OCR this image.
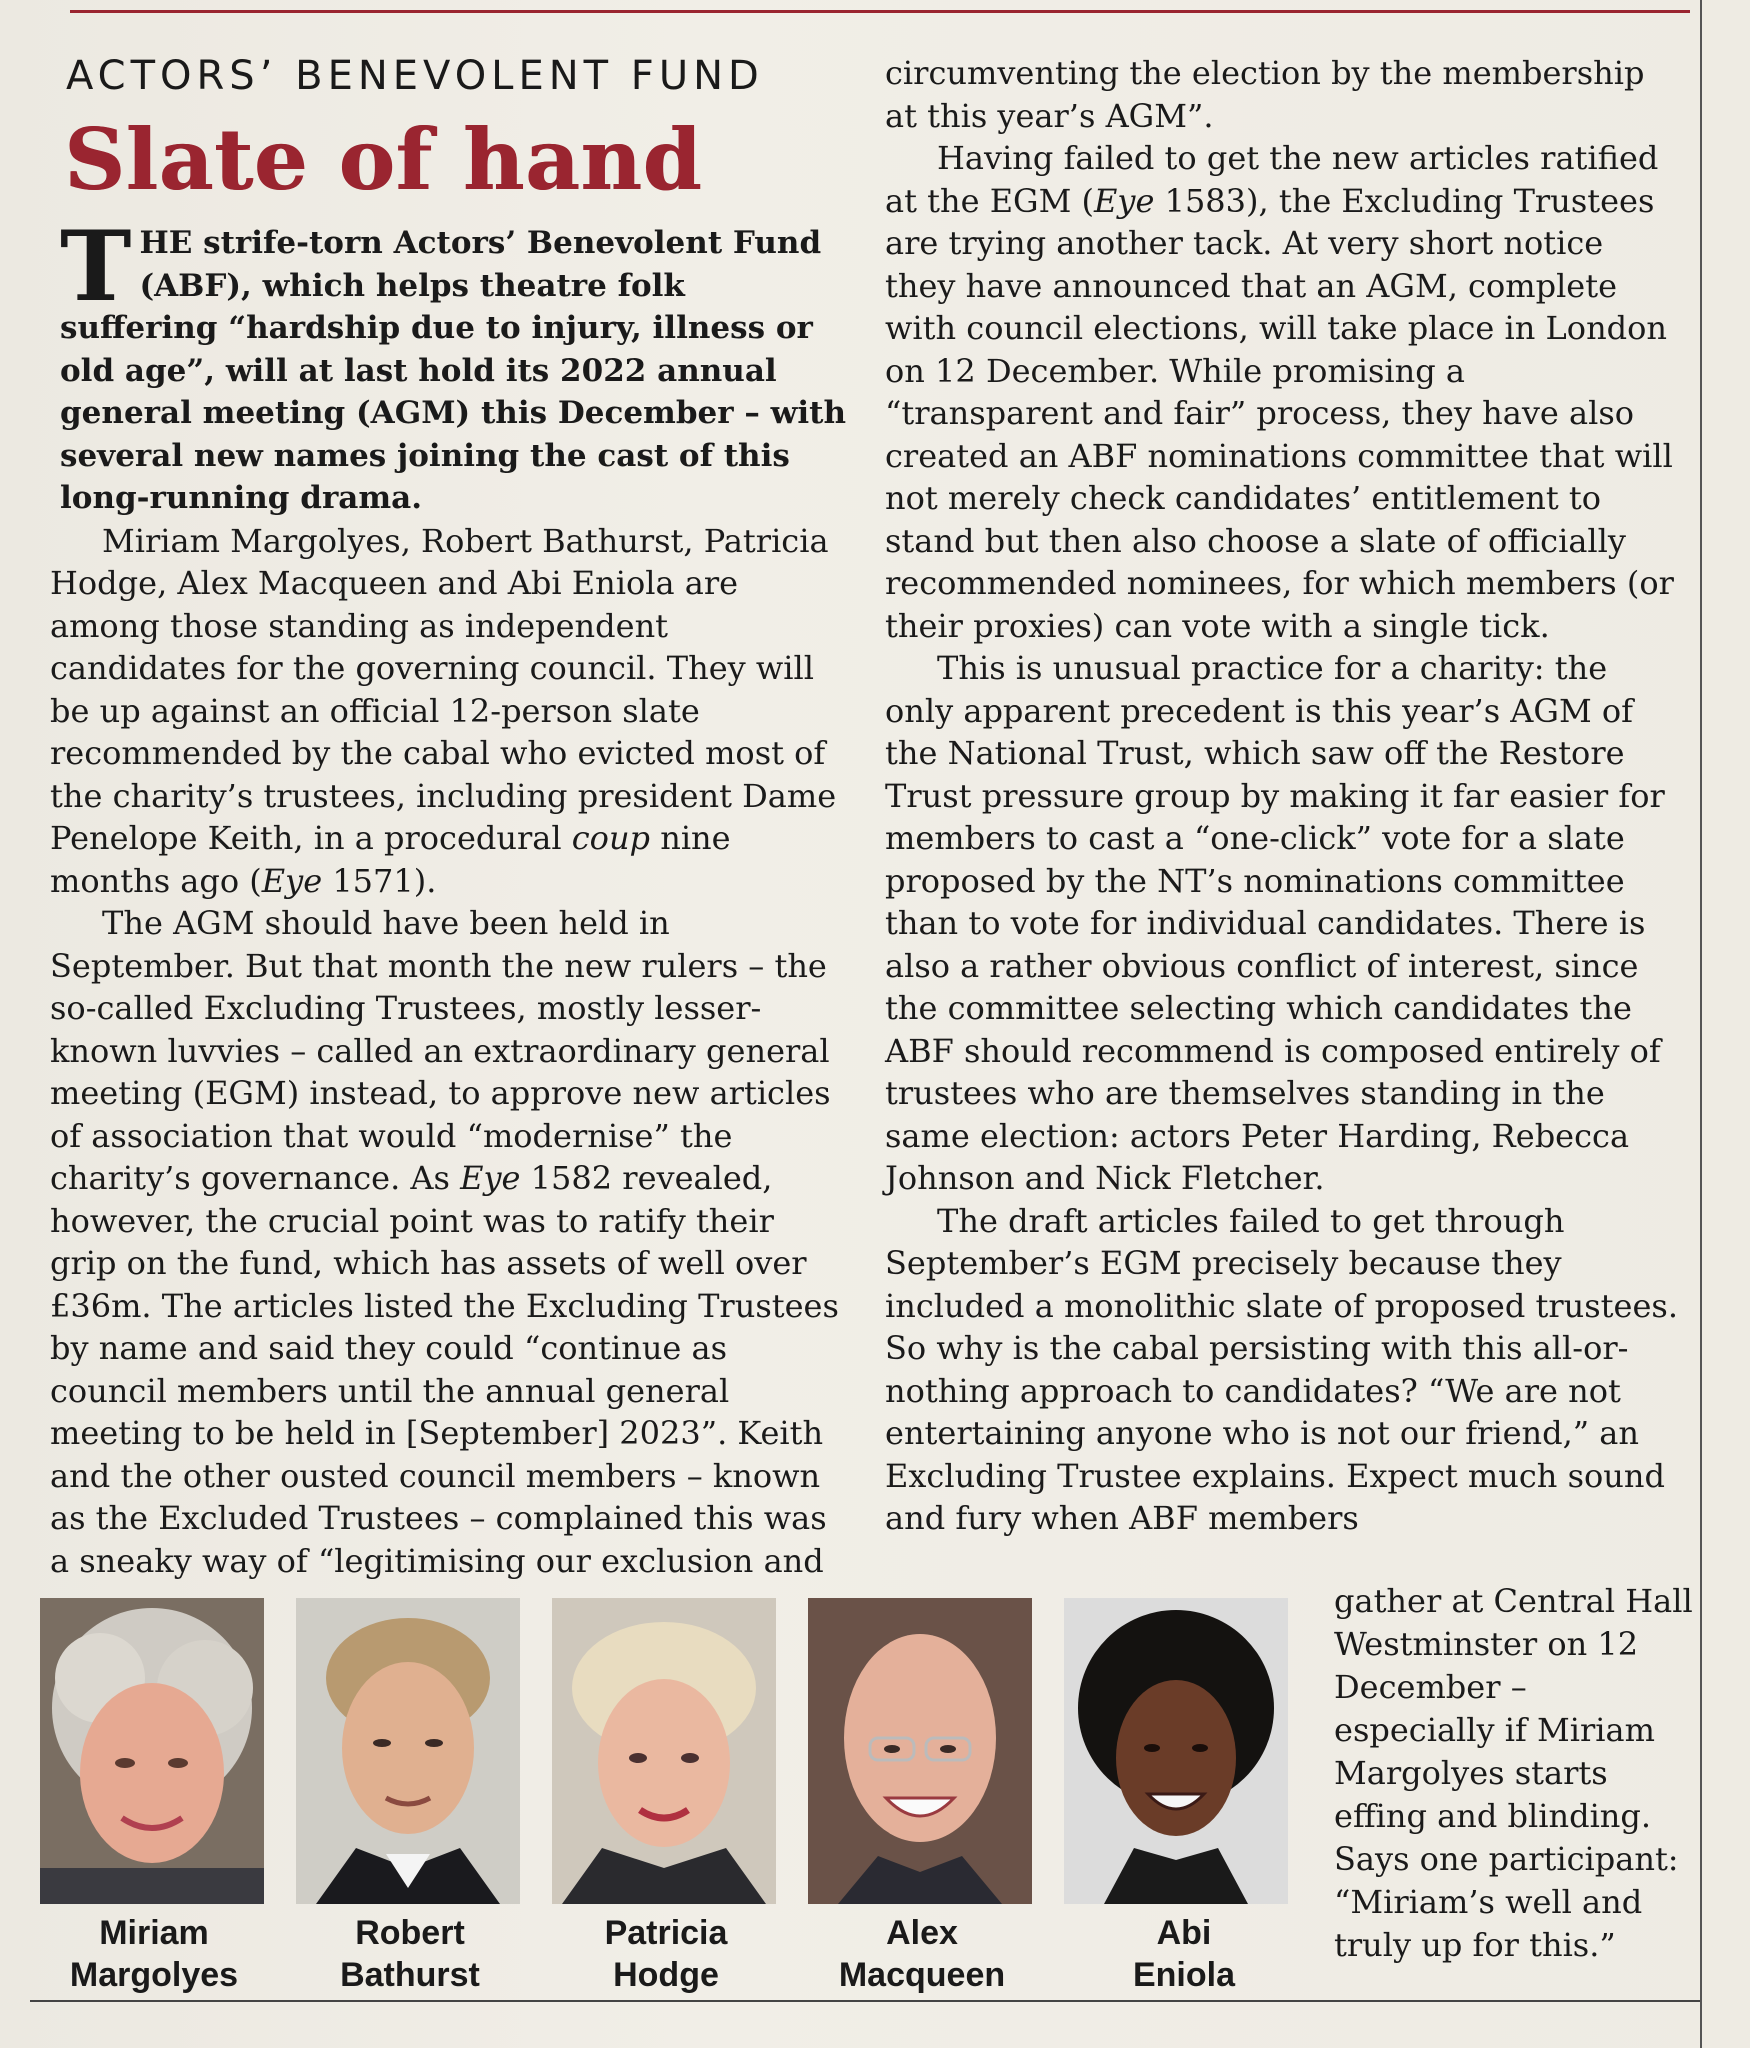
ACTORS’ BENEVOLENT FUND
Slate of hand

THE strife-torn Actors’ Benevolent Fund (ABF), which helps theatre folk suffering “hardship due to injury, illness or old age”, will at last hold its 2022 annual general meeting (AGM) this December – with several new names joining the cast of this long-running drama.

Miriam Margolyes, Robert Bathurst, Patricia Hodge, Alex Macqueen and Abi Eniola are among those standing as independent candidates for the governing council. They will be up against an official 12-person slate recommended by the cabal who evicted most of the charity’s trustees, including president Dame Penelope Keith, in a procedural coup nine months ago (Eye 1571).

The AGM should have been held in September. But that month the new rulers – the so-called Excluding Trustees, mostly lesser-known luvvies – called an extraordinary general meeting (EGM) instead, to approve new articles of association that would “modernise” the charity’s governance. As Eye 1582 revealed, however, the crucial point was to ratify their grip on the fund, which has assets of well over £36m. The articles listed the Excluding Trustees by name and said they could “continue as council members until the annual general meeting to be held in [September] 2023”. Keith and the other ousted council members – known as the Excluded Trustees – complained this was a sneaky way of “legitimising our exclusion and

circumventing the election by the membership at this year’s AGM”.

Having failed to get the new articles ratified at the EGM (Eye 1583), the Excluding Trustees are trying another tack. At very short notice they have announced that an AGM, complete with council elections, will take place in London on 12 December. While promising a “transparent and fair” process, they have also created an ABF nominations committee that will not merely check candidates’ entitlement to stand but then also choose a slate of officially recommended nominees, for which members (or their proxies) can vote with a single tick.

This is unusual practice for a charity: the only apparent precedent is this year’s AGM of the National Trust, which saw off the Restore Trust pressure group by making it far easier for members to cast a “one-click” vote for a slate proposed by the NT’s nominations committee than to vote for individual candidates. There is also a rather obvious conflict of interest, since the committee selecting which candidates the ABF should recommend is composed entirely of trustees who are themselves standing in the same election: actors Peter Harding, Rebecca Johnson and Nick Fletcher.

The draft articles failed to get through September’s EGM precisely because they included a monolithic slate of proposed trustees. So why is the cabal persisting with this all-or-nothing approach to candidates? “We are not entertaining anyone who is not our friend,” an Excluding Trustee explains. Expect much sound and fury when ABF members

Miriam
Margolyes
Robert
Bathurst
Patricia
Hodge
Alex
Macqueen
Abi
Eniola
gather at Central Hall Westminster on 12 December – especially if Miriam Margolyes starts effing and blinding. Says one participant: “Miriam’s well and truly up for this.”
